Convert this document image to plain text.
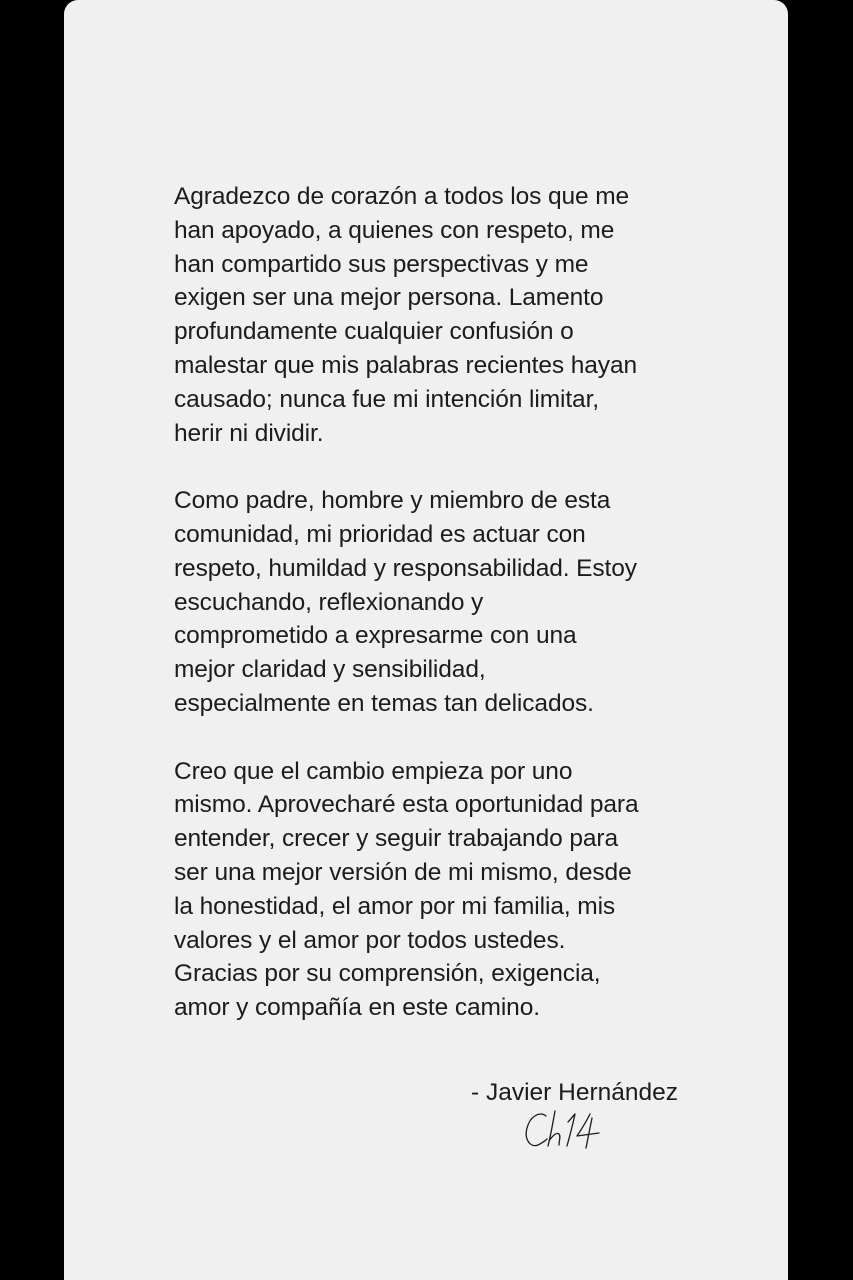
Agradezco de corazón a todos los que me
han apoyado, a quienes con respeto, me
han compartido sus perspectivas y me
exigen ser una mejor persona. Lamento
profundamente cualquier confusión o
malestar que mis palabras recientes hayan
causado; nunca fue mi intención limitar,
herir ni dividir.

Como padre, hombre y miembro de esta
comunidad, mi prioridad es actuar con
respeto, humildad y responsabilidad. Estoy
escuchando, reflexionando y
comprometido a expresarme con una
mejor claridad y sensibilidad,
especialmente en temas tan delicados.

Creo que el cambio empieza por uno
mismo. Aprovecharé esta oportunidad para
entender, crecer y seguir trabajando para
ser una mejor versión de mi mismo, desde
la honestidad, el amor por mi familia, mis
valores y el amor por todos ustedes.
Gracias por su comprensión, exigencia,
amor y compañía en este camino.

- Javier Hernández
